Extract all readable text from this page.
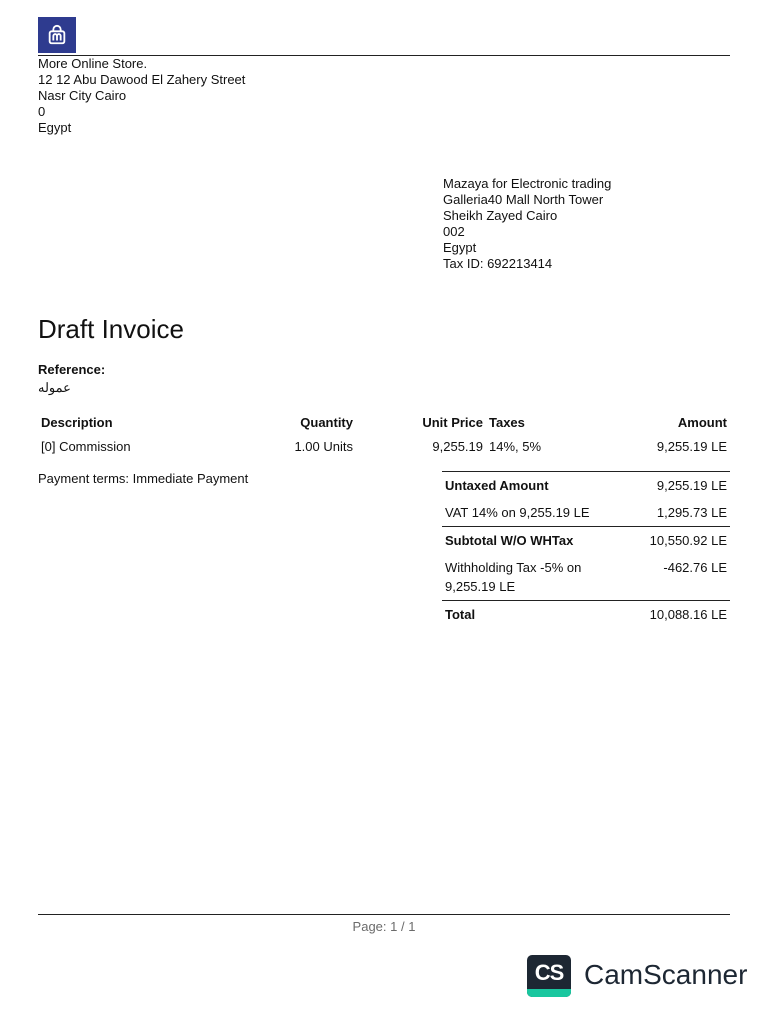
More Online Store.
12 12 Abu Dawood El Zahery Street
Nasr City Cairo
0
Egypt
Mazaya for Electronic trading
Galleria40 Mall North Tower
Sheikh Zayed Cairo
002
Egypt
Tax ID: 692213414
Draft Invoice
Reference:
عموله
Description	Quantity	Unit Price	Taxes	Amount
[0] Commission	1.00 Units	9,255.19	14%, 5%	9,255.19 LE
Payment terms: Immediate Payment	Untaxed Amount	9,255.19 LE
VAT 14% on 9,255.19 LE	1,295.73 LE
Subtotal W/O WHTax	10,550.92 LE
Withholding Tax -5% on 9,255.19 LE	-462.76 LE
Total	10,088.16 LE
Page: 1 / 1
CS CamScanner
